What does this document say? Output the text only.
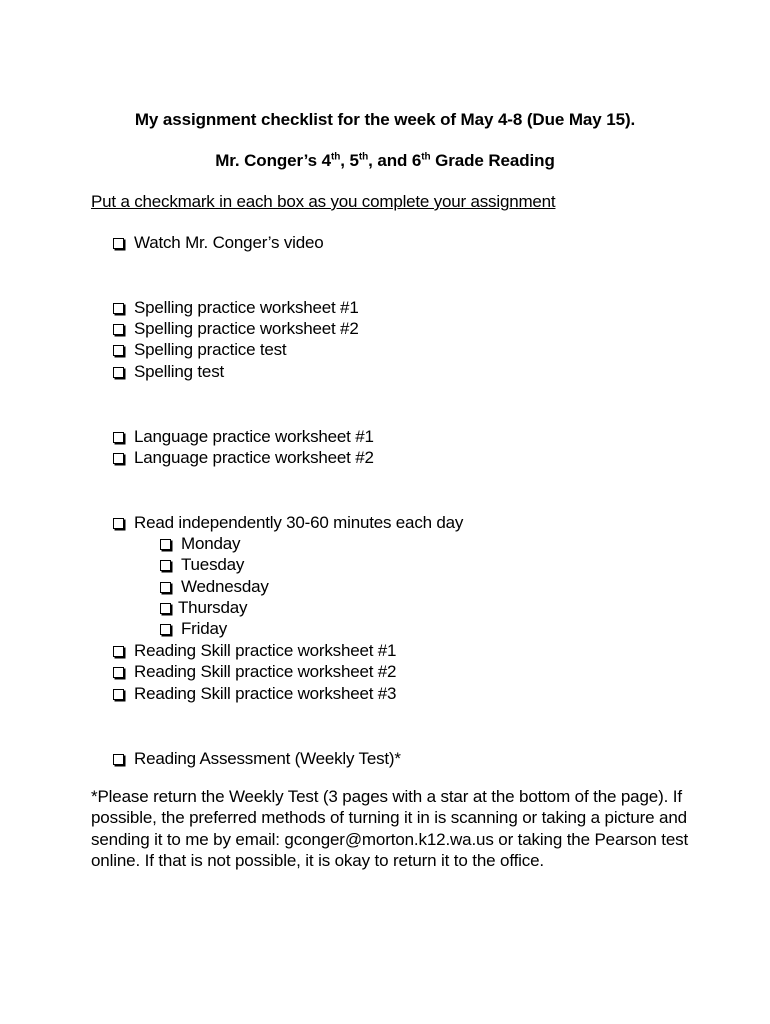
My assignment checklist for the week of May 4-8 (Due May 15).
Mr. Conger’s 4th, 5th, and 6th Grade Reading
Put a checkmark in each box as you complete your assignment
Watch Mr. Conger’s video
Spelling practice worksheet #1
Spelling practice worksheet #2
Spelling practice test
Spelling test
Language practice worksheet #1
Language practice worksheet #2
Read independently 30-60 minutes each day
Monday
Tuesday
Wednesday
Thursday
Friday
Reading Skill practice worksheet #1
Reading Skill practice worksheet #2
Reading Skill practice worksheet #3
Reading Assessment (Weekly Test)*
*Please return the Weekly Test (3 pages with a star at the bottom of the page). If possible, the preferred methods of turning it in is scanning or taking a picture and sending it to me by email: gconger@morton.k12.wa.us or taking the Pearson test online. If that is not possible, it is okay to return it to the office.
